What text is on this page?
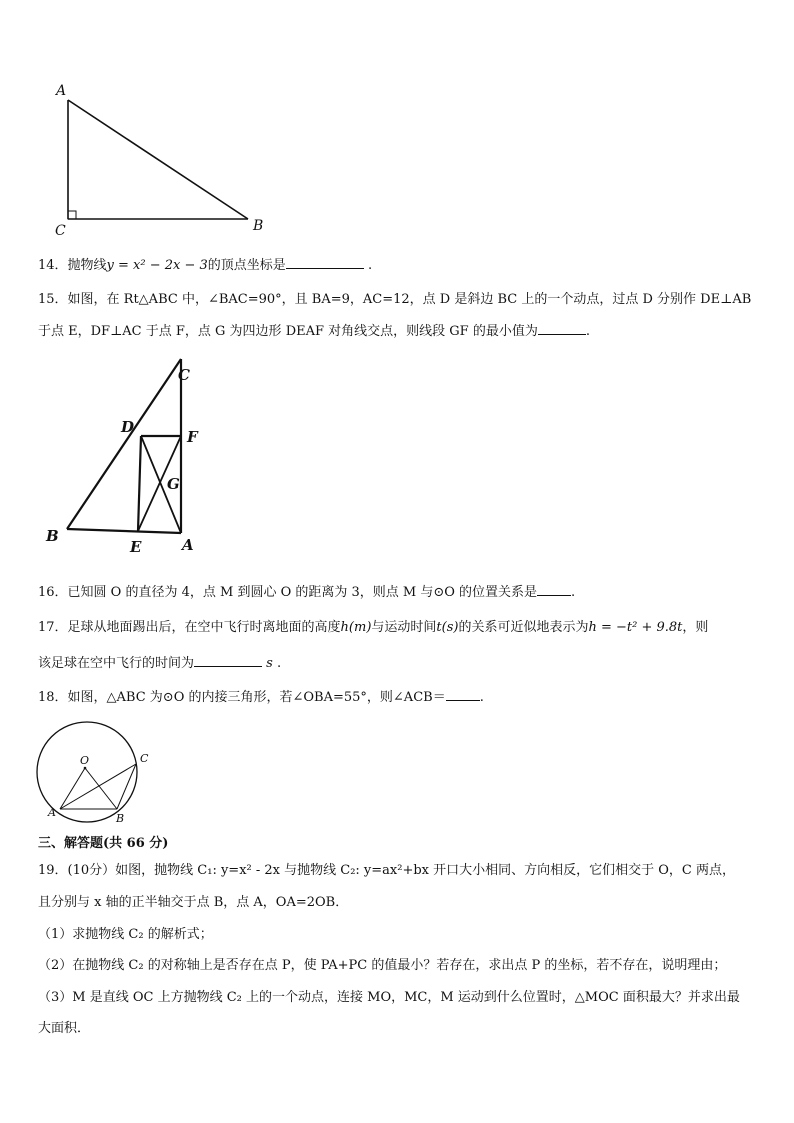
A
C	B
14．抛物线y = x² − 2x − 3的顶点坐标是	.
15．如图，在 Rt△ABC 中，∠BAC=90°，且 BA=9，AC=12，点 D 是斜边 BC 上的一个动点，过点 D 分别作 DE⊥AB
于点 E，DF⊥AC 于点 F，点 G 为四边形 DEAF 对角线交点，则线段 GF 的最小值为	.
C
D
F
G
B
E	A
16．已知圆 O 的直径为 4，点 M 到圆心 O 的距离为 3，则点 M 与⊙O 的位置关系是	.
17．足球从地面踢出后，在空中飞行时离地面的高度h(m)与运动时间t(s)的关系可近似地表示为h = −t² + 9.8t，则
该足球在空中飞行的时间为	s .
18．如图，△ABC 为⊙O 的内接三角形，若∠OBA=55°，则∠ACB＝	.
O	C
A	B
三、解答题(共 66 分)
19．(10分）如图，抛物线 C₁: y=x² - 2x 与抛物线 C₂: y=ax²+bx 开口大小相同、方向相反，它们相交于 O，C 两点，
且分别与 x 轴的正半轴交于点 B，点 A，OA=2OB．
（1）求抛物线 C₂ 的解析式；
（2）在抛物线 C₂ 的对称轴上是否存在点 P，使 PA+PC 的值最小？若存在，求出点 P 的坐标，若不存在，说明理由；
（3）M 是直线 OC 上方抛物线 C₂ 上的一个动点，连接 MO，MC，M 运动到什么位置时，△MOC 面积最大？并求出最
大面积．
